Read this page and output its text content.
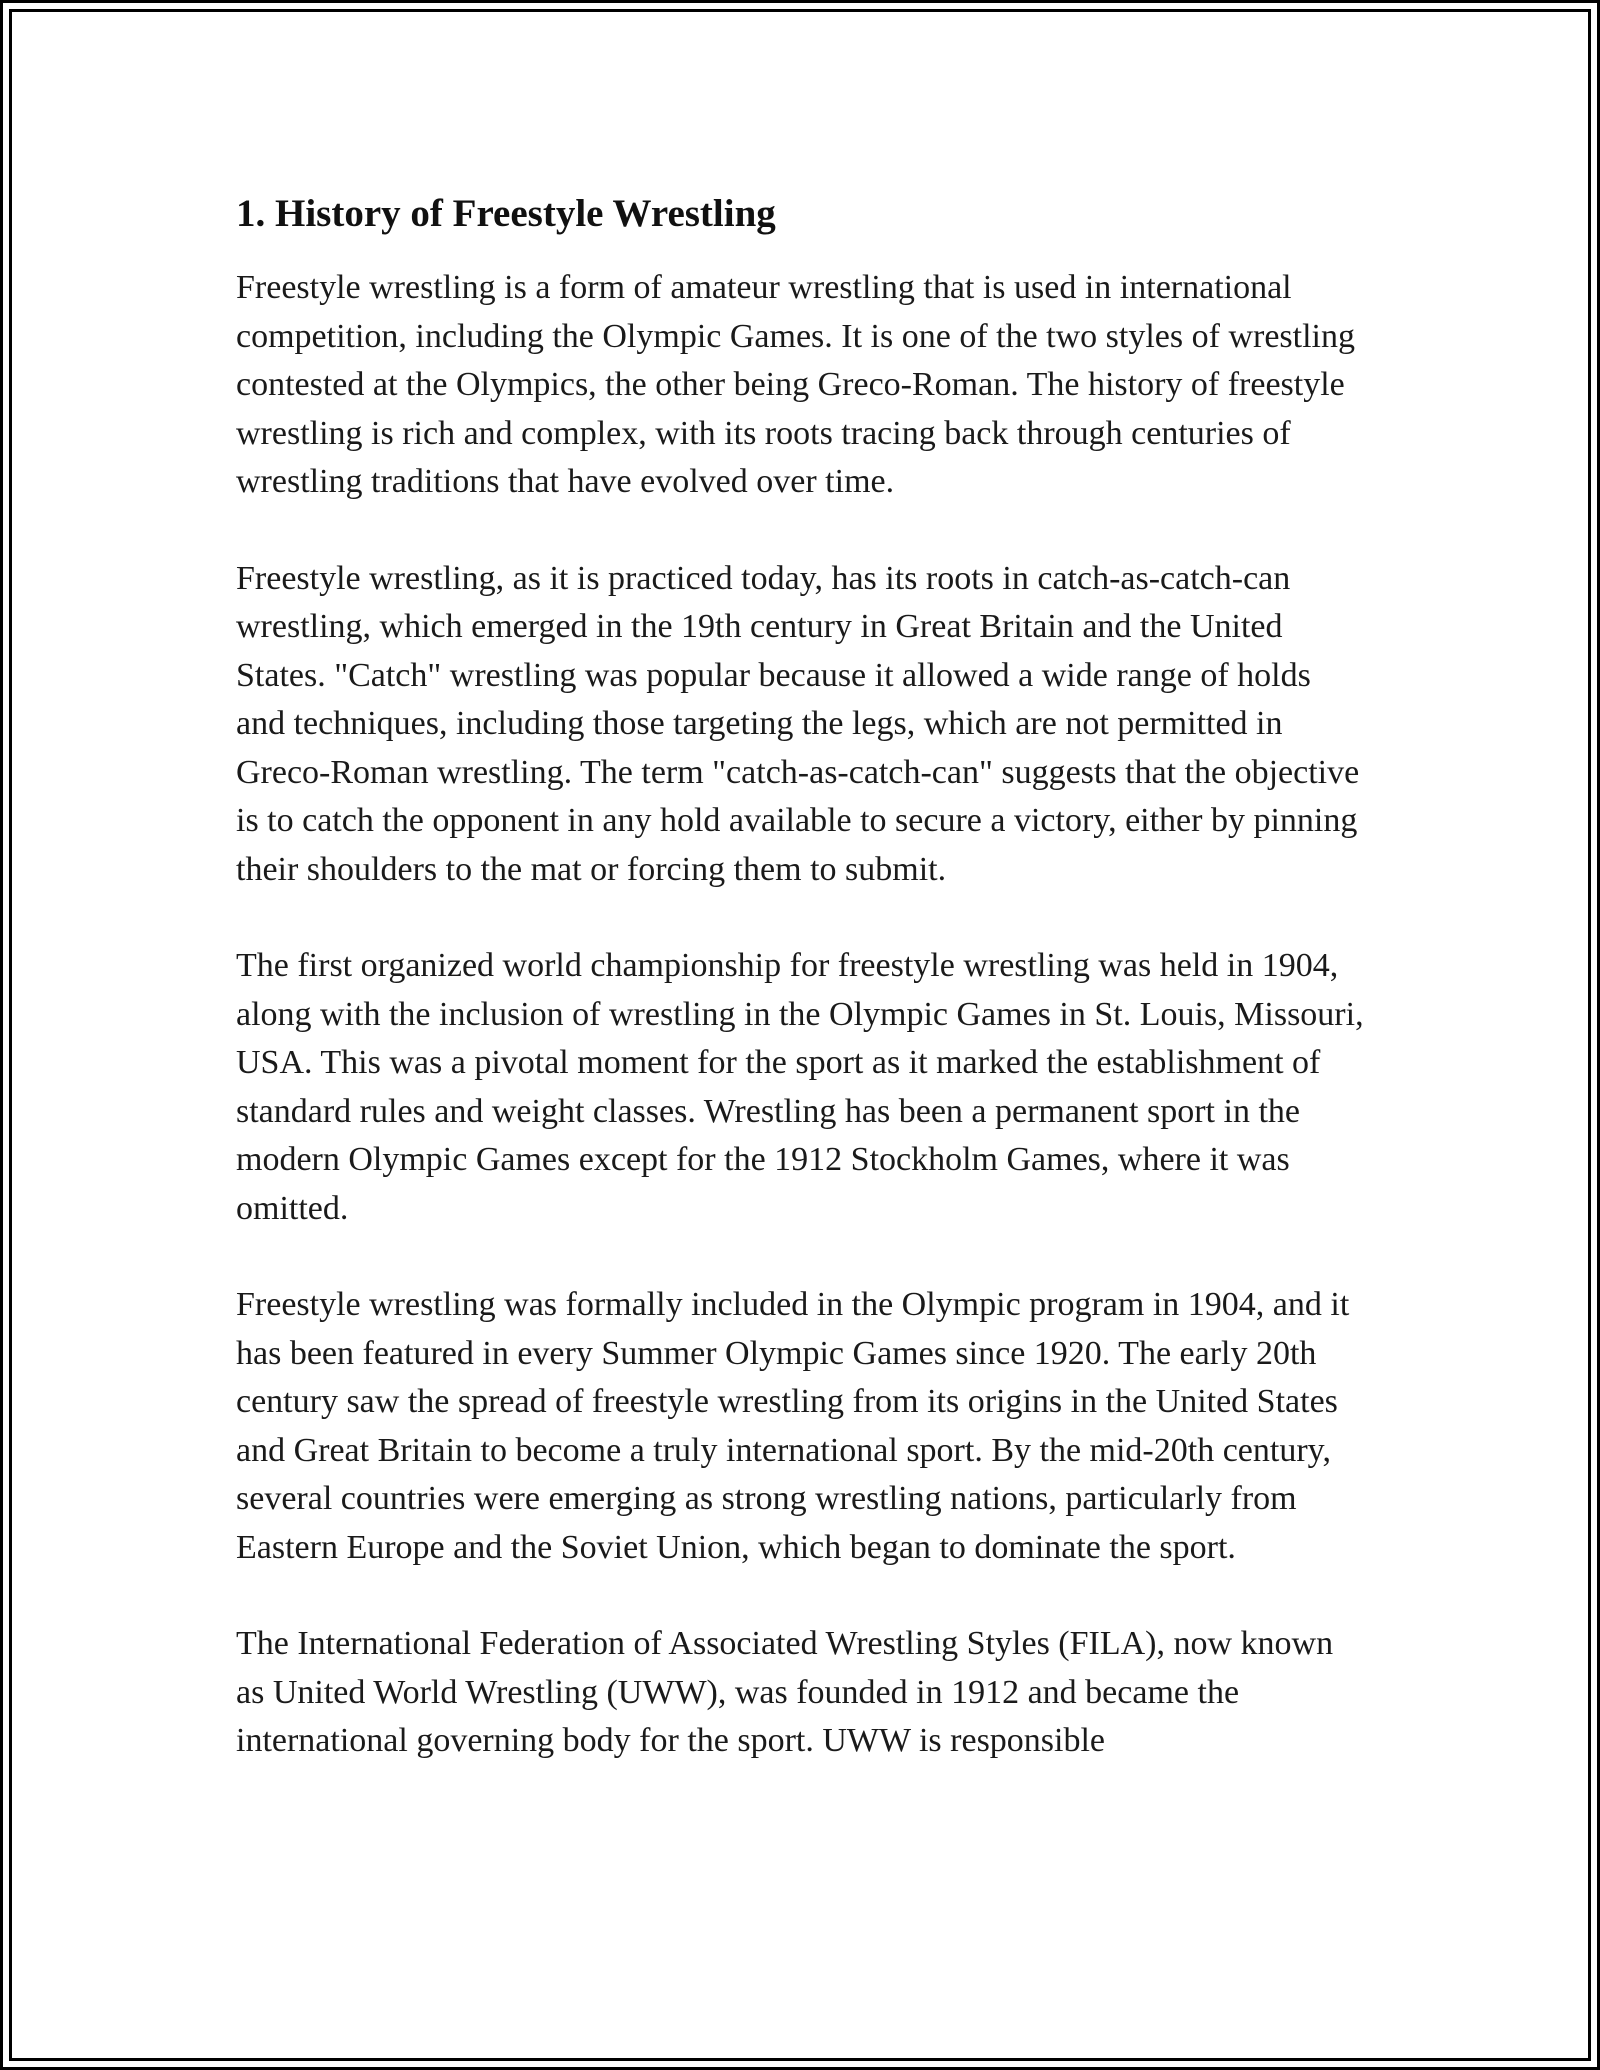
1. History of Freestyle Wrestling

Freestyle wrestling is a form of amateur wrestling that is used in international competition, including the Olympic Games. It is one of the two styles of wrestling contested at the Olympics, the other being Greco-Roman. The history of freestyle wrestling is rich and complex, with its roots tracing back through centuries of wrestling traditions that have evolved over time.

Freestyle wrestling, as it is practiced today, has its roots in catch-as-catch-can wrestling, which emerged in the 19th century in Great Britain and the United States. "Catch" wrestling was popular because it allowed a wide range of holds and techniques, including those targeting the legs, which are not permitted in Greco-Roman wrestling. The term "catch-as-catch-can" suggests that the objective is to catch the opponent in any hold available to secure a victory, either by pinning their shoulders to the mat or forcing them to submit.

The first organized world championship for freestyle wrestling was held in 1904, along with the inclusion of wrestling in the Olympic Games in St. Louis, Missouri, USA. This was a pivotal moment for the sport as it marked the establishment of standard rules and weight classes. Wrestling has been a permanent sport in the modern Olympic Games except for the 1912 Stockholm Games, where it was omitted.

Freestyle wrestling was formally included in the Olympic program in 1904, and it has been featured in every Summer Olympic Games since 1920. The early 20th century saw the spread of freestyle wrestling from its origins in the United States and Great Britain to become a truly international sport. By the mid-20th century, several countries were emerging as strong wrestling nations, particularly from Eastern Europe and the Soviet Union, which began to dominate the sport.

The International Federation of Associated Wrestling Styles (FILA), now known as United World Wrestling (UWW), was founded in 1912 and became the international governing body for the sport. UWW is responsible
